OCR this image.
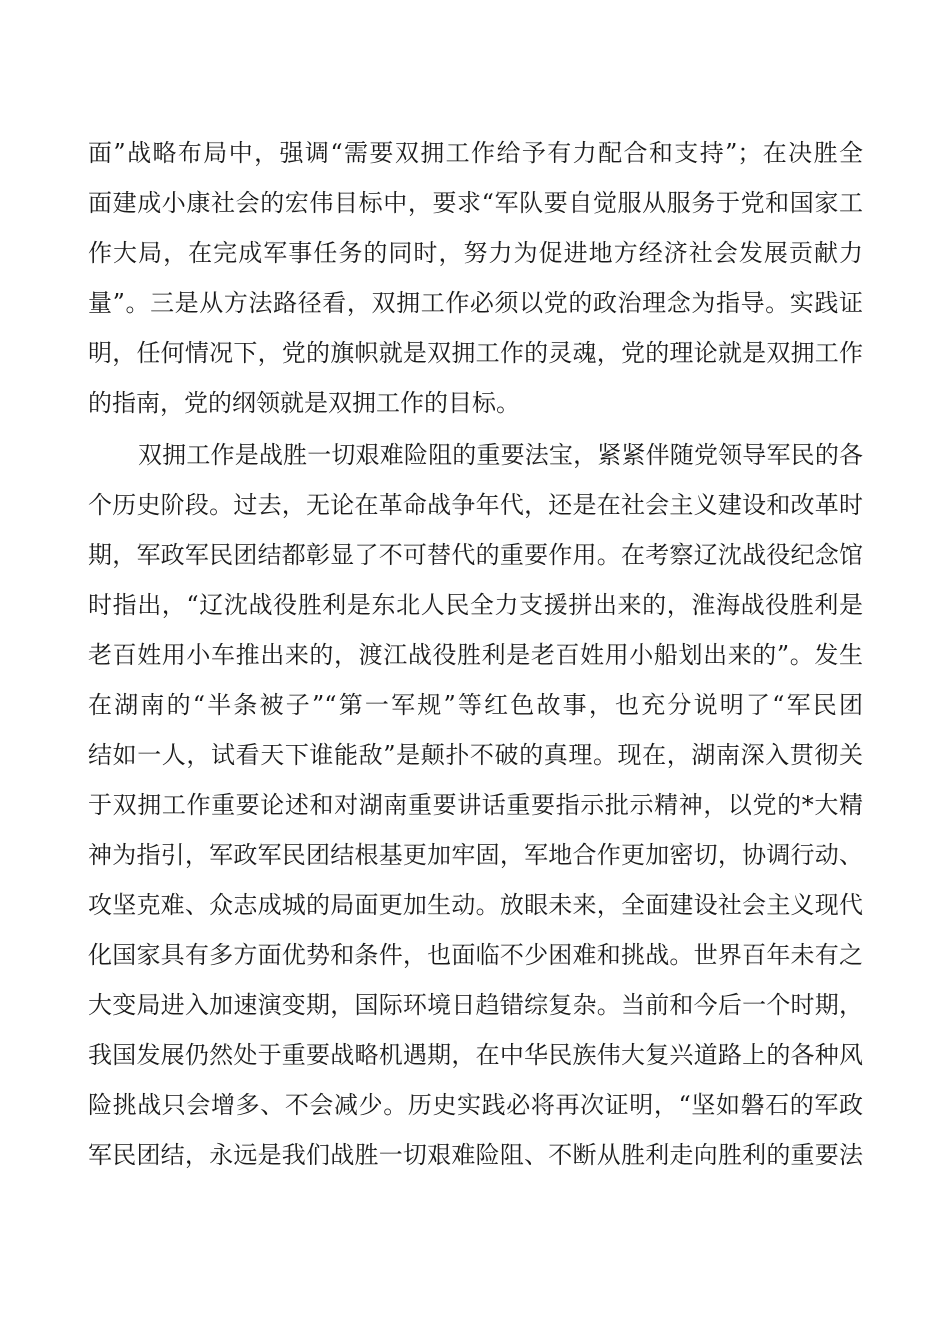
面”战略布局中，强调“需要双拥工作给予有力配合和支持”；在决胜全
面建成小康社会的宏伟目标中，要求“军队要自觉服从服务于党和国家工
作大局，在完成军事任务的同时，努力为促进地方经济社会发展贡献力
量”。三是从方法路径看，双拥工作必须以党的政治理念为指导。实践证
明，任何情况下，党的旗帜就是双拥工作的灵魂，党的理论就是双拥工作
的指南，党的纲领就是双拥工作的目标。
双拥工作是战胜一切艰难险阻的重要法宝，紧紧伴随党领导军民的各
个历史阶段。过去，无论在革命战争年代，还是在社会主义建设和改革时
期，军政军民团结都彰显了不可替代的重要作用。在考察辽沈战役纪念馆
时指出，“辽沈战役胜利是东北人民全力支援拼出来的，淮海战役胜利是
老百姓用小车推出来的，渡江战役胜利是老百姓用小船划出来的”。发生
在湖南的“半条被子”“第一军规”等红色故事，也充分说明了“军民团
结如一人，试看天下谁能敌”是颠扑不破的真理。现在，湖南深入贯彻关
于双拥工作重要论述和对湖南重要讲话重要指示批示精神，以党的*大精
神为指引，军政军民团结根基更加牢固，军地合作更加密切，协调行动、
攻坚克难、众志成城的局面更加生动。放眼未来，全面建设社会主义现代
化国家具有多方面优势和条件，也面临不少困难和挑战。世界百年未有之
大变局进入加速演变期，国际环境日趋错综复杂。当前和今后一个时期，
我国发展仍然处于重要战略机遇期，在中华民族伟大复兴道路上的各种风
险挑战只会增多、不会减少。历史实践必将再次证明，“坚如磐石的军政
军民团结，永远是我们战胜一切艰难险阻、不断从胜利走向胜利的重要法
